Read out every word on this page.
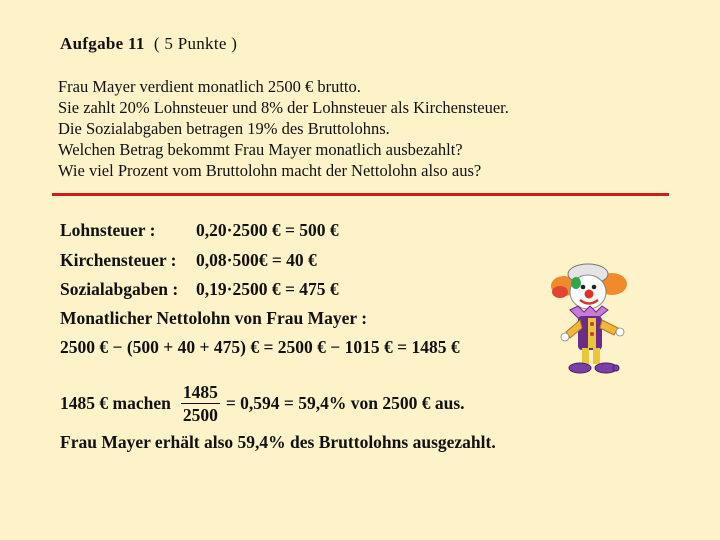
Aufgabe 11 ( 5 Punkte )
Frau Mayer verdient monatlich 2500 € brutto.
Sie zahlt 20% Lohnsteuer und 8% der Lohnsteuer als Kirchensteuer.
Die Sozialabgaben betragen 19% des Bruttolohns.
Welchen Betrag bekommt Frau Mayer monatlich ausbezahlt?
Wie viel Prozent vom Bruttolohn macht der Nettolohn also aus?
Lohnsteuer : 0,20·2500 € = 500 €
Kirchensteuer : 0,08·500€ = 40 €
Sozialabgaben : 0,19·2500 € = 475 €
Monatlicher Nettolohn von Frau Mayer :
2500 € − (500 + 40 + 475) € = 2500 € − 1015 € = 1485 €
1485 € machen $\frac{1485}{2500} = 0,594 = 59,4\%$ von 2500 € aus.
Frau Mayer erhält also 59,4% des Bruttolohns ausgezahlt.
